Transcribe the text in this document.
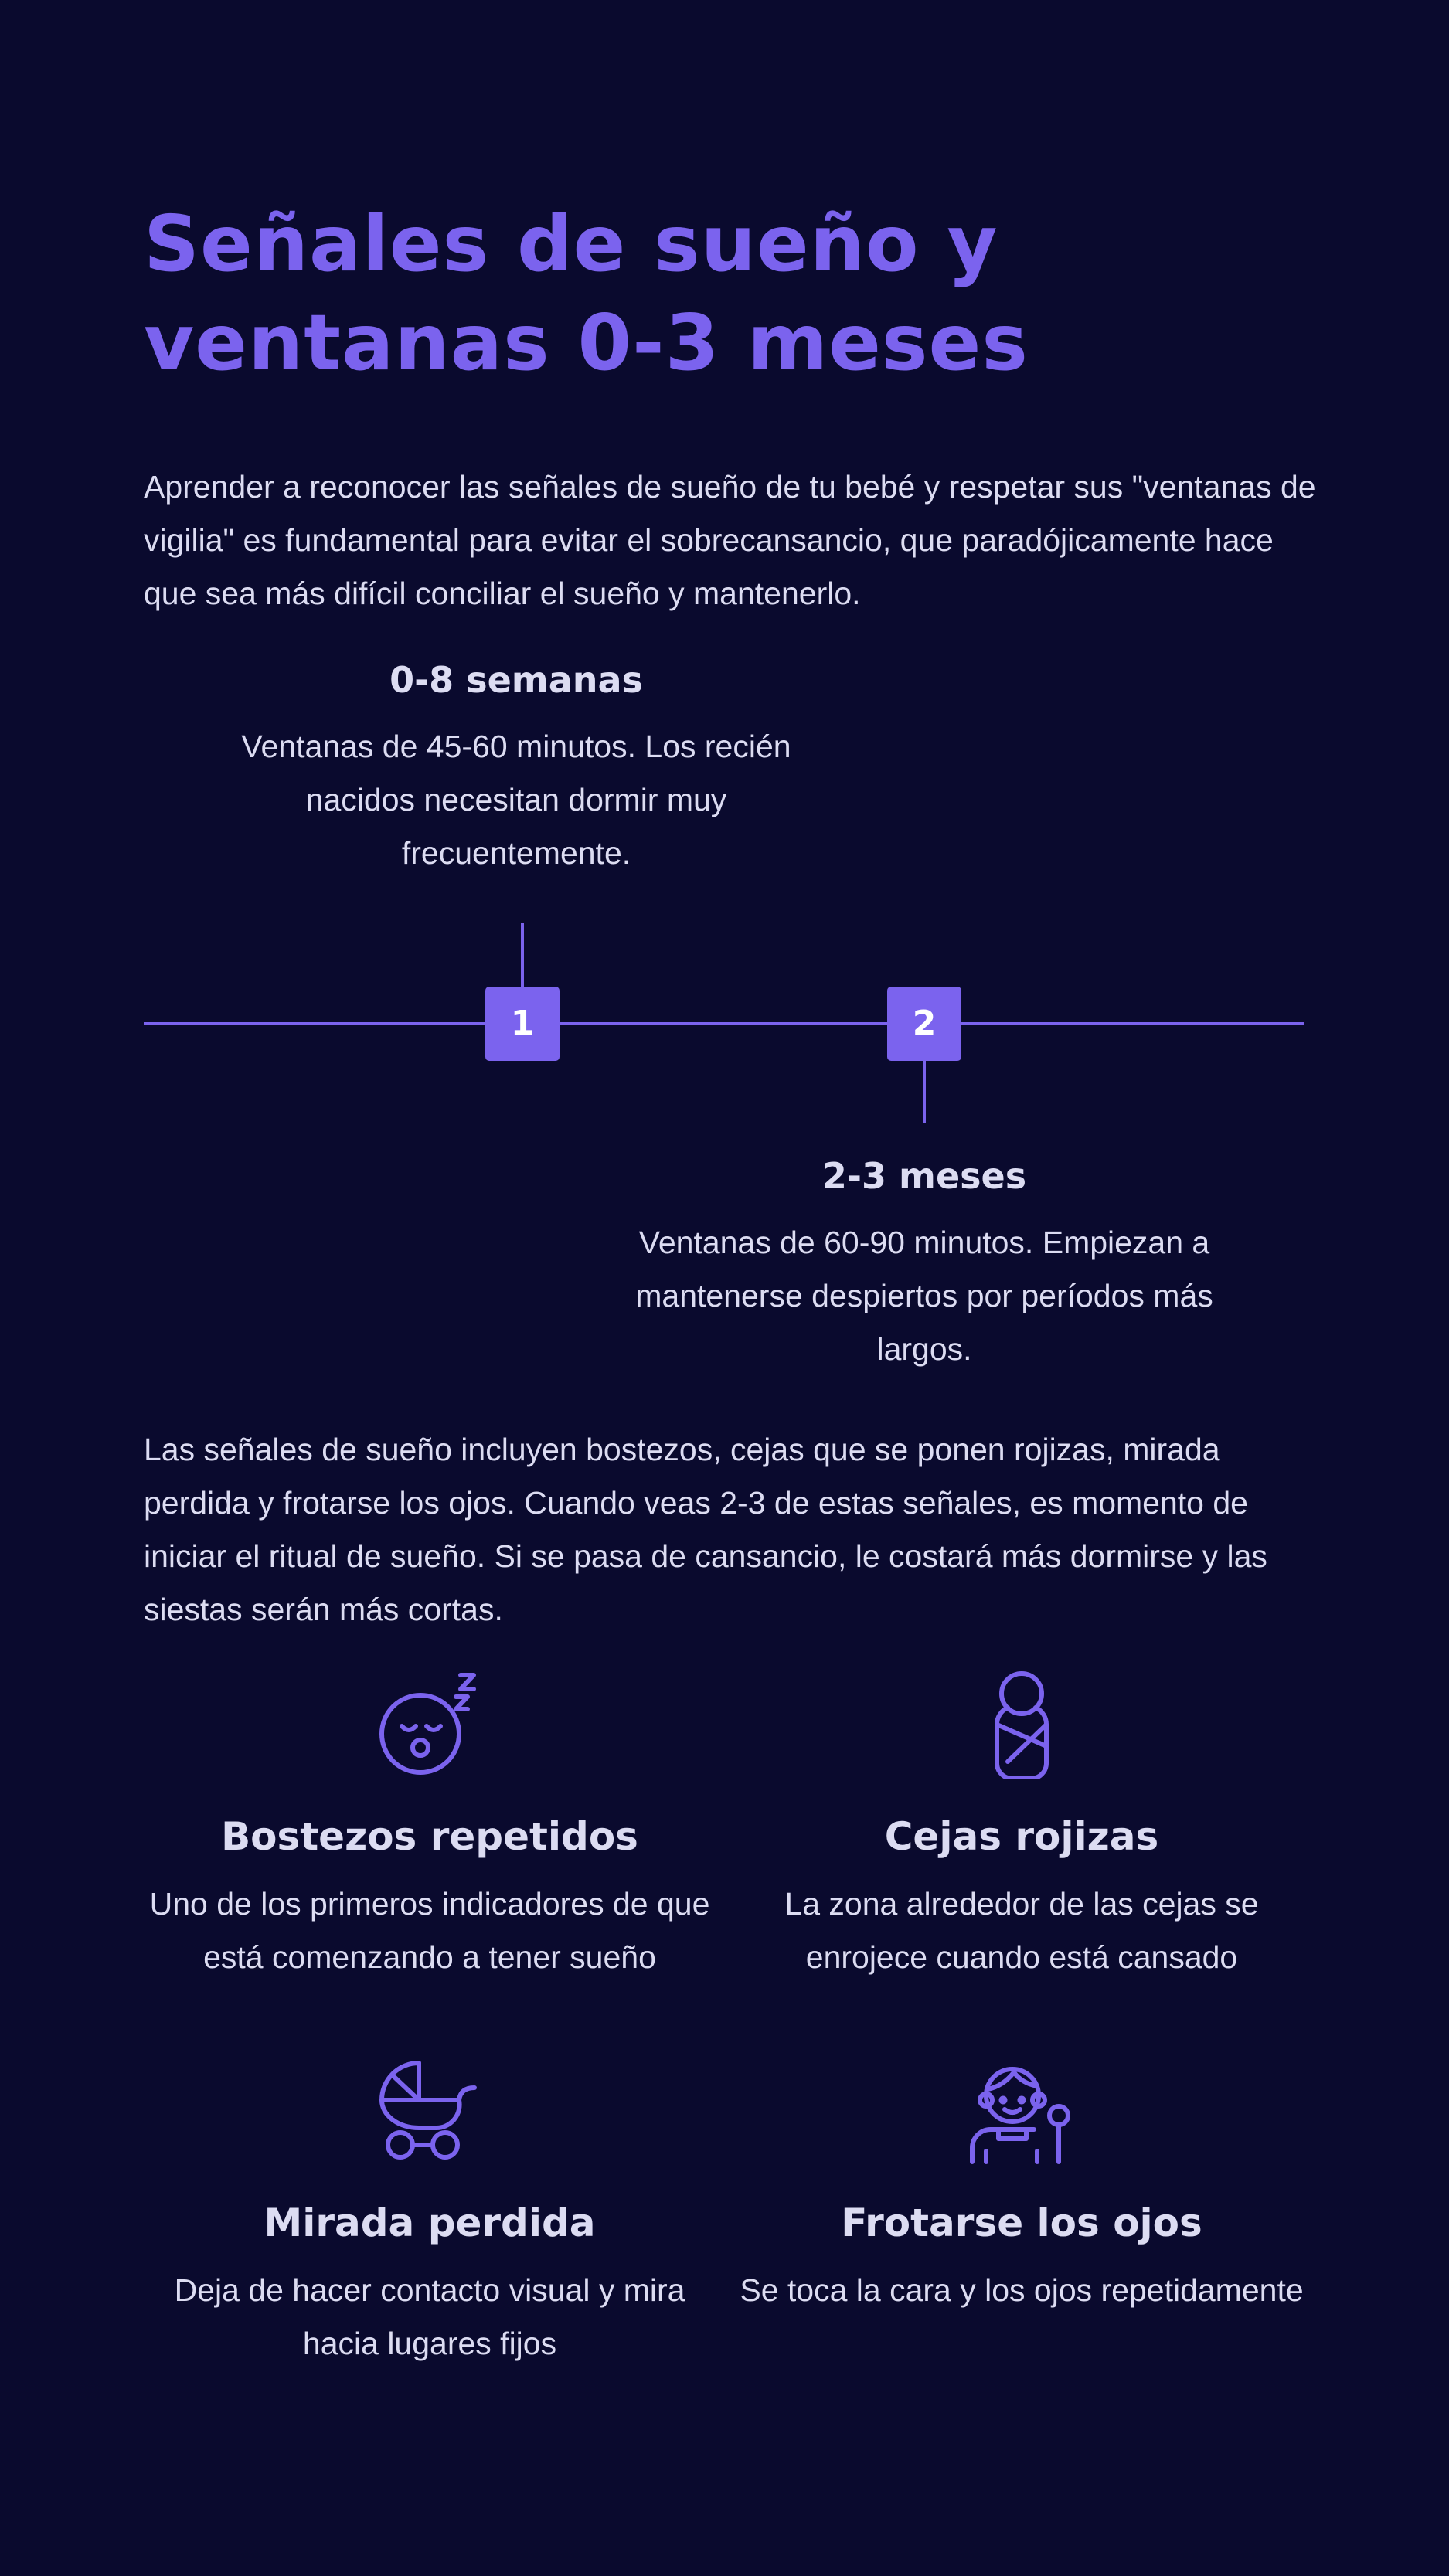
Señales de sueño y ventanas 0-3 meses

Aprender a reconocer las señales de sueño de tu bebé y respetar sus "ventanas de vigilia" es fundamental para evitar el sobrecansancio, que paradójicamente hace que sea más difícil conciliar el sueño y mantenerlo.

0-8 semanas

Ventanas de 45-60 minutos. Los recién nacidos necesitan dormir muy frecuentemente.

1	2
2-3 meses

Ventanas de 60-90 minutos. Empiezan a mantenerse despiertos por períodos más largos.

Las señales de sueño incluyen bostezos, cejas que se ponen rojizas, mirada perdida y frotarse los ojos. Cuando veas 2-3 de estas señales, es momento de iniciar el ritual de sueño. Si se pasa de cansancio, le costará más dormirse y las siestas serán más cortas.

Bostezos repetidos

Uno de los primeros indicadores de que está comenzando a tener sueño

Cejas rojizas

La zona alrededor de las cejas se enrojece cuando está cansado

Mirada perdida

Deja de hacer contacto visual y mira hacia lugares fijos

Frotarse los ojos

Se toca la cara y los ojos repetidamente
